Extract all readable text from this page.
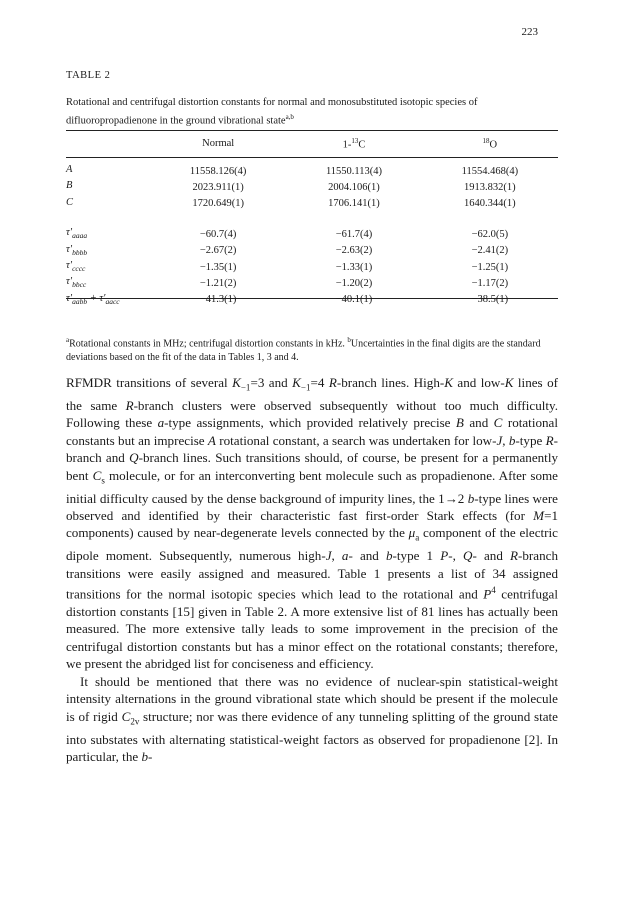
223
TABLE 2
Rotational and centrifugal distortion constants for normal and monosubstituted isotopic species of difluoropropadienone in the ground vibrational state$^{a,b}$
	Normal	1-$^{13}$C	$^{18}$O
A	11558.126(4)	11550.113(4)	11554.468(4)
B	2023.911(1)	2004.106(1)	1913.832(1)
C	1720.649(1)	1706.141(1)	1640.344(1)

$\tau'_{aaaa}$	−60.7(4)	−61.7(4)	−62.0(5)
$\tau'_{bbbb}$	−2.67(2)	−2.63(2)	−2.41(2)
$\tau'_{cccc}$	−1.35(1)	−1.33(1)	−1.25(1)
$\tau'_{bbcc}$	−1.21(2)	−1.20(2)	−1.17(2)
$\tau'_{aabb} + \tau'_{aacc}$	−41.3(1)	−40.1(1)	−38.5(1)
$^a$Rotational constants in MHz; centrifugal distortion constants in kHz. $^b$Uncertainties in the final digits are the standard deviations based on the fit of the data in Tables 1, 3 and 4.

RFMDR transitions of several $K_{-1}=3$ and $K_{-1}=4$ R-branch lines. High-K and low-K lines of the same R-branch clusters were observed subsequently without too much difficulty. Following these a-type assignments, which provided relatively precise B and C rotational constants but an imprecise A rotational constant, a search was undertaken for low-J, b-type R-branch and Q-branch lines. Such transitions should, of course, be present for a permanently bent $C_s$ molecule, or for an interconverting bent molecule such as propadienone. After some initial difficulty caused by the dense background of impurity lines, the 1→2 b-type lines were observed and identified by their characteristic fast first-order Stark effects (for M=1 components) caused by near-degenerate levels connected by the $\mu_a$ component of the electric dipole moment. Subsequently, numerous high-J, a- and b-type 1 P-, Q- and R-branch transitions were easily assigned and measured. Table 1 presents a list of 34 assigned transitions for the normal isotopic species which lead to the rotational and $P^4$ centrifugal distortion constants [15] given in Table 2. A more extensive list of 81 lines has actually been measured. The more extensive tally leads to some improvement in the precision of the centrifugal distortion constants but has a minor effect on the rotational constants; therefore, we present the abridged list for conciseness and efficiency.

It should be mentioned that there was no evidence of nuclear-spin statistical-weight intensity alternations in the ground vibrational state which should be present if the molecule is of rigid $C_{2v}$ structure; nor was there evidence of any tunneling splitting of the ground state into substates with alternating statistical-weight factors as observed for propadienone [2]. In particular, the b-
